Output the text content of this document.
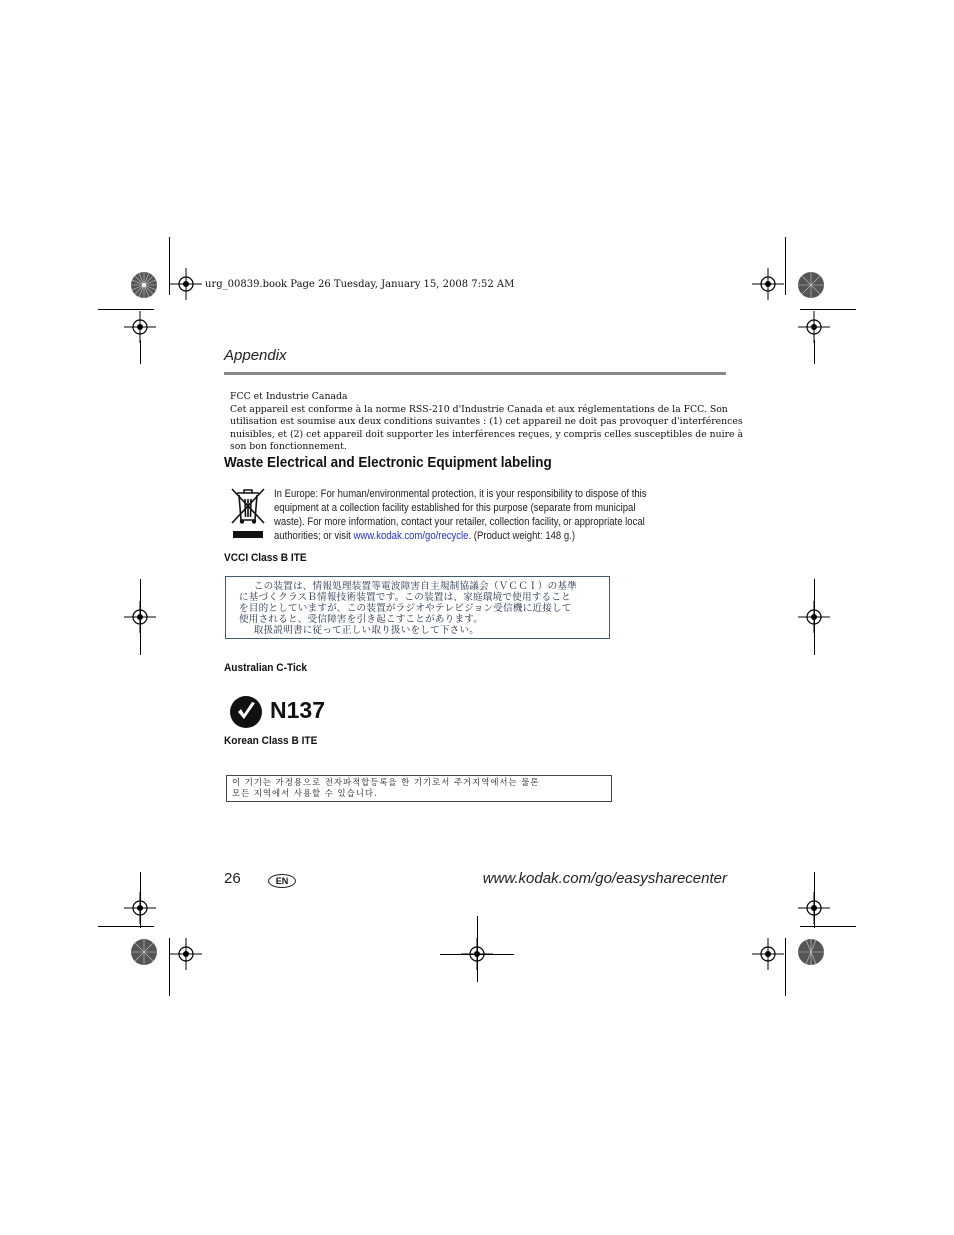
urg_00839.book Page 26 Tuesday, January 15, 2008 7:52 AM
Appendix
FCC et Industrie Canada
Cet appareil est conforme à la norme RSS-210 d'Industrie Canada et aux réglementations de la FCC. Son
utilisation est soumise aux deux conditions suivantes : (1) cet appareil ne doit pas provoquer d'interférences
nuisibles, et (2) cet appareil doit supporter les interférences reçues, y compris celles susceptibles de nuire à
son bon fonctionnement.
Waste Electrical and Electronic Equipment labeling
In Europe: For human/environmental protection, it is your responsibility to dispose of this
equipment at a collection facility established for this purpose (separate from municipal
waste). For more information, contact your retailer, collection facility, or appropriate local
authorities; or visit www.kodak.com/go/recycle. (Product weight: 148 g.)
VCCI Class B ITE
　この装置は、情報処理装置等電波障害自主規制協議会（ＶＣＣＩ）の基準
に基づくクラスＢ情報技術装置です。この装置は、家庭環境で使用すること
を目的としていますが、この装置がラジオやテレビジョン受信機に近接して
使用されると、受信障害を引き起こすことがあります。
　取扱説明書に従って正しい取り扱いをして下さい。
Australian C-Tick
N137
Korean Class B ITE
이 기기는 가정용으로 전자파적합등록을 한 기기로서 주거지역에서는 물론
모든 지역에서 사용할 수 있습니다.
26	EN	www.kodak.com/go/easysharecenter
